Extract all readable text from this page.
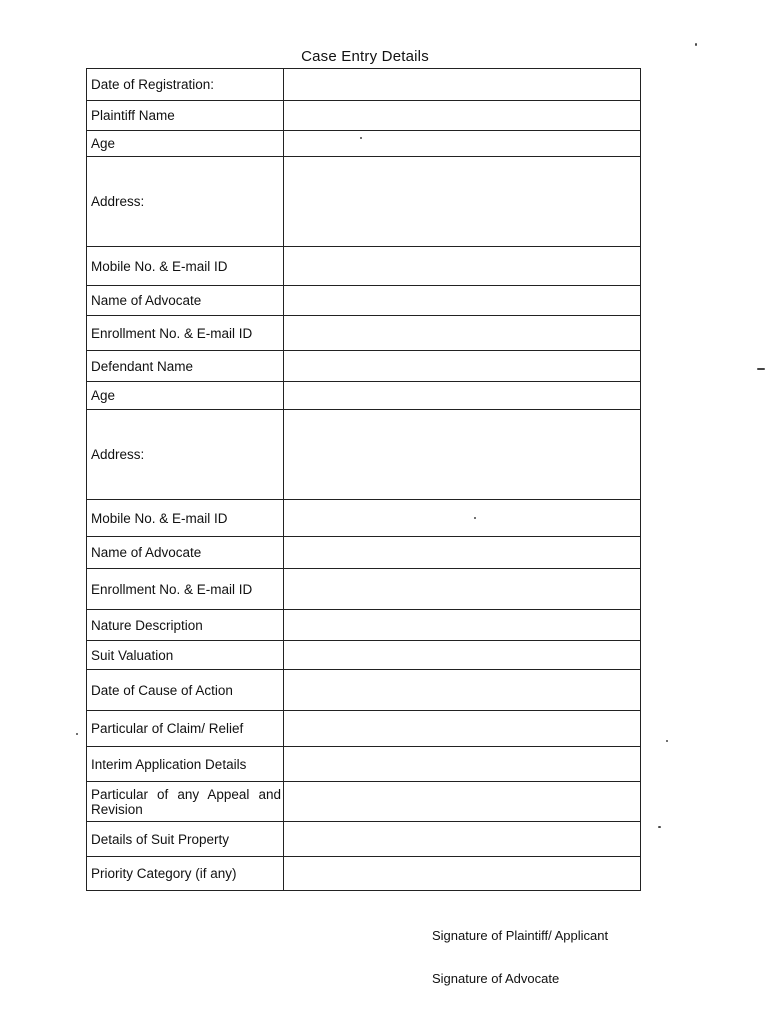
Case Entry Details
Date of Registration:	
Plaintiff Name	
Age	
Address:	
Mobile No. & E-mail ID	
Name of Advocate	
Enrollment No. & E-mail ID	
Defendant Name	
Age	
Address:	
Mobile No. & E-mail ID	
Name of Advocate	
Enrollment No. & E-mail ID	
Nature Description	
Suit Valuation	
Date of Cause of Action	
Particular of Claim/ Relief	
Interim Application Details	
Particular of any Appeal and Revision	
Details of Suit Property	
Priority Category (if any)	
Signature of Plaintiff/ Applicant
Signature of Advocate
